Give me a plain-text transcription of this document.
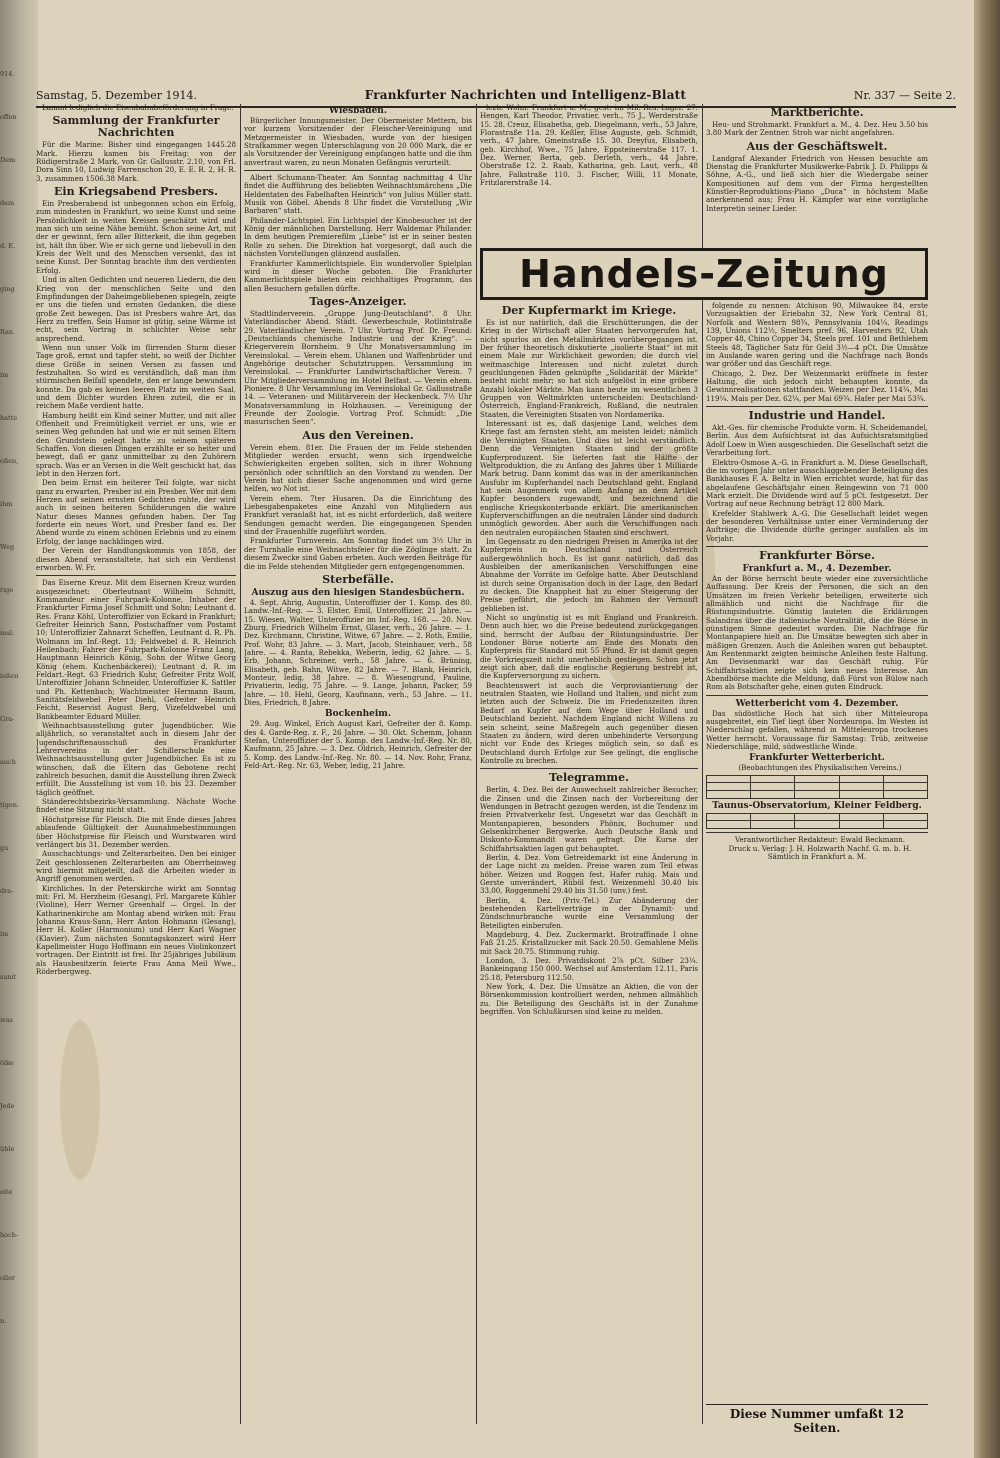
914.
offen
Dem
dem
d. E.
ging
Ran
im
hatte
eßen,
ihm
Weg
rige
mal.
ießen
Gra-
auch
tigen.
gu
dra-
im
sanit
was
ölke
Jede
ühle
eite
hoch-
oller
n.
Samstag, 5. Dezember 1914.	Frankfurter Nachrichten und Intelligenz-Blatt	Nr. 337 — Seite 2.

Lammt lediglich die Eisenbahnbeförderung in Frage.

Sammlung der Frankfurter Nachrichten

Für die Marine: Bisher sind eingegangen 1445.28 Mark. Hierzu kamen bis Freitag: von der Rüdigerstraße 2 Mark, von Gr. Gallusstr. 2.10, von Frl. Dora Sinn 10, Ludwig Farrenschon 20, E. E. R. 2, H. R. 3, zusammen 1506.38 Mark.

Ein Kriegsabend Presbers.

Ein Presberabend ist unbegonnen schon ein Erfolg, zum mindesten in Frankfurt, wo seine Kunst und seine Persönlichkeit in weiten Kreisen geschätzt wird und man sich um seine Nähe bemüht. Schon seine Art, mit der er gewinnt, fern aller Bitterkeit, die ihm gegeben ist, hält ihn über. Wie er sich gerne und liebevoll in den Kreis der Welt und des Menschen versenkt, das ist seine Kunst. Der Sonntag brachte ihm den verdienten Erfolg.

Und in alten Gedichten und neueren Liedern, die den Krieg von der menschlichen Seite und den Empfindungen der Daheimgebliebenen spiegeln, zeigte er uns die tiefen und ernsten Gedanken, die diese große Zeit bewegen. Das ist Presbers wahre Art, das Herz zu treffen. Sein Humor ist gütig, seine Wärme ist echt, sein Vortrag in schlichter Weise sehr ansprechend.

Wenn nun unser Volk im flirrenden Sturm dieser Tage groß, ernst und tapfer steht, so weiß der Dichter diese Größe in seinen Versen zu fassen und festzuhalten. So wird es verständlich, daß man ihm stürmischen Beifall spendete, den er lange bewundern konnte. Da gab es keinen leeren Platz im weiten Saal, und dem Dichter wurden Ehren zuteil, die er in reichem Maße verdient hatte.

Hamburg heißt ein Kind seiner Mutter, und mit aller Offenheit und Freimütigkeit verriet er uns, wie er seinen Weg gefunden hat und wie er mit seinen Eltern den Grundstein gelegt hatte zu seinem späteren Schaffen. Von diesen Dingen erzählte er so heiter und bewegt, daß er ganz unmittelbar zu den Zuhörern sprach. Was er an Versen in die Welt geschickt hat, das lebt in den Herzen fort.

Den beim Ernst ein heiterer Teil folgte, war nicht ganz zu erwarten, Presber ist ein Presber. Wer mit dem Herzen auf seinen ernsten Gedichten ruhte, der wird auch in seinen heiteren Schilderungen die wahre Natur dieses Mannes gefunden haben. Der Tag forderte ein neues Wort, und Presber fand es. Der Abend wurde zu einem schönen Erlebnis und zu einem Erfolg, der lange nachklingen wird.

Der Verein der Handlungskommis von 1858, der diesen Abend veranstaltete, hat sich ein Verdienst erworben. W. Fr.

Das Eiserne Kreuz. Mit dem Eisernen Kreuz wurden ausgezeichnet: Oberleutnant Wilhelm Schmitt, Kommandeur einer Fuhrpark-Kolonne, Inhaber der Frankfurter Firma Josef Schmitt und Sohn; Leutnant d. Res. Franz Köhl, Unteroffizier von Eckard in Frankfurt; Gefreiter Heinrich Sann, Postschaffner vom Postamt 10; Unteroffizier Zahnarzt Scheffen, Leutnant d. R. Ph. Wolmann im Inf.-Regt. 13; Feldwebel d. R. Heinrich Heilenbach; Fahrer der Fuhrpark-Kolonne Franz Lang, Hauptmann Heinrich König, Sohn der Witwe Georg König (ehem. Kuchenbäckerei); Leutnant d. R. im Feldart.-Regt. 63 Friedrich Kuhr, Gefreiter Fritz Wolf, Unteroffizier Johann Schneider, Unteroffizier K. Sattler und Ph. Kettenbach; Wachtmeister Hermann Baum, Sanitätsfeldwebel Peter Diehl, Gefreiter Heinrich Feicht, Reservist August Berg, Vizefeldwebel und Bankbeamter Eduard Müller.

Weihnachtsausstellung guter Jugendbücher. Wie alljährlich, so veranstaltet auch in diesem Jahr der Jugendschriftenausschuß des Frankfurter Lehrervereins in der Schillerschule eine Weihnachtsausstellung guter Jugendbücher. Es ist zu wünschen, daß die Eltern das Gebotene recht zahlreich besuchen, damit die Ausstellung ihren Zweck erfüllt. Die Ausstellung ist vom 10. bis 23. Dezember täglich geöffnet.

Ständerechtsbezirks-Versammlung. Nächste Woche findet eine Sitzung nicht statt.

Höchstpreise für Fleisch. Die mit Ende dieses Jahres ablaufende Gültigkeit der Ausnahmebestimmungen über Höchstpreise für Fleisch und Wurstwaren wird verlängert bis 31. Dezember werden.

Ausschachtungs- und Zelterarbeiten. Den bei einiger Zeit geschlossenen Zelterarbeiten am Oberrheinweg wird hiermit mitgeteilt, daß die Arbeiten wieder in Angriff genommen werden.

Kirchliches. In der Peterskirche wirkt am Sonntag mit: Frl. M. Herzheim (Gesang), Frl. Margarete Kühler (Violine), Herr Werner Greenhalf — Orgel. In der Katharinenkirche am Montag abend wirken mit: Frau Johanna Kraus-Sann, Herr Anton Hohmann (Gesang), Herr H. Koller (Harmonium) und Herr Karl Wagner (Klavier). Zum nächsten Sonntagskonzert wird Herr Kapellmeister Hugo Hoffmann ein neues Violinkonzert vortragen. Der Eintritt ist frei. Ihr 25jähriges Jubiläum als Hausbesitzerin feierte Frau Anna Meil Wwe., Röderbergweg.

Wiesbaden.

Bürgerlicher Innungsmeister. Der Obermeister Mettern, bis vor kurzem Vorsitzender der Fleischer-Vereinigung und Metzgermeister in Wiesbaden, wurde von der hiesigen Strafkammer wegen Unterschlagung von 20 000 Mark, die er als Vorsitzender der Vereinigung empfangen hatte und die ihm anvertraut waren, zu neun Monaten Gefängnis verurteilt.

Albert Schumann-Theater. Am Sonntag nachmittag 4 Uhr findet die Aufführung des beliebten Weihnachtsmärchens „Die Heldentaten des Fabelhaften Heinrich“ von Julius Müller statt. Musik von Göbel. Abends 8 Uhr findet die Vorstellung „Wir Barbaren“ statt.

Philander-Lichtspiel. Ein Lichtspiel der Kinobesucher ist der König der männlichen Darstellung. Herr Waldemar Philander. In dem heutigen Premierefilm „Liebe“ ist er in seiner besten Rolle zu sehen. Die Direktion hat vorgesorgt, daß auch die nächsten Vorstellungen glänzend ausfallen.

Frankfurter Kammerlichtspiele. Ein wundervoller Spielplan wird in dieser Woche geboten. Die Frankfurter Kammerlichtspiele bieten ein reichhaltiges Programm, das allen Besuchern gefallen dürfte.

Tages-Anzeiger.

Stadtlinderverein. „Gruppe Jung-Deutschland“. 8 Uhr. Vaterländischer Abend. Städt. Gewerbeschule, Rotlintstraße 29. Vaterländischer Verein. 7 Uhr. Vortrag Prof. Dr. Freund: „Deutschlands chemische Industrie und der Krieg“. — Kriegerverein Bornheim. 9 Uhr Monatsversammlung im Vereinslokal. — Verein ehem. Uhlanen und Waffenbrüder und Angehörige deutscher Schutztruppen. Versammlung im Vereinslokal. — Frankfurter Landwirtschaftlicher Verein. 7 Uhr Mitgliederversammlung im Hotel Belfast. — Verein ehem. Pioniere. 8 Uhr Versammlung im Vereinslokal Gr. Gallusstraße 14. — Veteranen- und Militärverein der Heckenbeck. 7½ Uhr Monatsversammlung in Holzhausen. — Vereinigung der Freunde der Zoologie. Vortrag Prof. Schmidt: „Die masurischen Seen“.

Aus den Vereinen.

Verein ehem. 81er. Die Frauen der im Felde stehenden Mitglieder werden ersucht, wenn sich irgendwelche Schwierigkeiten ergeben sollten, sich in ihrer Wohnung persönlich oder schriftlich an den Vorstand zu wenden. Der Verein hat sich dieser Sache angenommen und wird gerne helfen, wo Not ist.

Verein ehem. 7ter Husaren. Da die Einrichtung des Liebesgabenpaketes eine Anzahl von Mitgliedern aus Frankfurt veranlaßt hat, ist es nicht erforderlich, daß weitere Sendungen gemacht werden. Die eingegangenen Spenden sind der Frauenhilfe zugeführt worden.

Frankfurter Turnverein. Am Sonntag findet um 3½ Uhr in der Turnhalle eine Weihnachtsfeier für die Zöglinge statt. Zu diesem Zwecke sind Gaben erbeten. Auch werden Beiträge für die im Felde stehenden Mitglieder gern entgegengenommen.

Sterbefälle.
Auszug aus den hiesigen Standesbüchern.

4. Sept. Ahrig, Augustin, Unteroffizier der 1. Komp. des 80. Landw.-Inf.-Reg. — 3. Elster, Emil, Unteroffizier, 21 Jahre. — 15. Wiesen, Walter, Unteroffizier im Inf.-Reg. 168. — 20. Nov. Zburg, Friedrich Wilhelm Ernst, Glaser, verh., 26 Jahre. — 1. Dez. Kirchmann, Christine, Witwe, 67 Jahre. — 2. Roth, Emilie, Prof. Wohr, 83 Jahre. — 3. Mart, Jacob, Steinhauer, verh., 58 Jahre. — 4. Ranta, Rebekka, Weberin, ledig, 62 Jahre. — 5. Erb, Johann, Schreiner, verh., 58 Jahre. — 6. Brüning, Elisabeth, geb. Bahn, Witwe, 82 Jahre. — 7. Blank, Heinrich, Monteur, ledig, 38 Jahre. — 8. Wiesengrund, Pauline, Privatierin, ledig, 75 Jahre. — 9. Lange, Johann, Packer, 59 Jahre. — 10. Hehl, Georg, Kaufmann, verh., 53 Jahre. — 11. Dies, Friedrich, 8 Jahre.

Bockenheim.

29. Aug. Winkel, Erich August Karl, Gefreiter der 8. Komp. des 4. Garde-Reg. z. F., 26 Jahre. — 30. Okt. Schemm, Johann Stefan, Unteroffizier der 5. Komp. des Landw.-Inf.-Reg. Nr. 80, Kaufmann, 25 Jahre. — 3. Dez. Oldrich, Heinrich, Gefreiter der 5. Komp. des Landw.-Inf.-Reg. Nr. 80. — 14. Nov. Rohr, Franz, Feld-Art.-Reg. Nr. 63, Weber, ledig, 21 Jahre.

lezte Wohn. Frankfurt a. M., gest. im Mil.-Res.-Lager. 27. Hengen, Karl Theodor, Privatier, verh., 75 J., Werderstraße 15. 28. Creuz, Elisabetha, geb. Diegelmann, verh., 53 Jahre, Florastraße 11a. 29. Keßler, Elise Auguste, geb. Schmidt, verh., 47 Jahre, Gmeinstraße 15. 30. Dreyfus, Elisabeth, geb. Kirchhof, Wwe., 75 Jahre, Eppsteinerstraße 117. 1. Dez. Werner, Berta, geb. Derleth, verh., 44 Jahre, Oberstraße 12. 2. Raab, Katharina, geb. Laut, verh., 48 Jahre, Falkstraße 110. 3. Fischer, Willi, 11 Monate, Fritzlarerstraße 14.

Marktberichte.

Heu- und Strohmarkt. Frankfurt a. M., 4. Dez. Heu 3.50 bis 3.80 Mark der Zentner. Stroh war nicht angefahren.

Aus der Geschäftswelt.

Landgraf Alexander Friedrich von Hessen besuchte am Dienstag die Frankfurter Musikwerke-Fabrik J. D. Philipps & Söhne, A.-G., und ließ sich hier die Wiedergabe seiner Kompositionen auf dem von der Firma hergestellten Künstler-Reproduktions-Piano „Duca“ in höchstem Maße anerkennend aus; Frau H. Kämpfer war eine vorzügliche Interpretin seiner Lieder.

Handels-Zeitung
Der Kupfermarkt im Kriege.

Es ist nur natürlich, daß die Erschütterungen, die der Krieg in der Wirtschaft aller Staaten hervorgerufen hat, nicht spurlos an den Metallmärkten vorübergegangen ist. Der früher theoretisch diskutierte „isolierte Staat“ ist mit einem Male zur Wirklichkeit geworden; die durch viel weitmaschige Interessen und nicht zuletzt durch geschlungenen Fäden geknüpfte „Solidarität der Märkte“ besteht nicht mehr; so hat sich aufgelöst in eine gröbere Anzahl lokaler Märkte. Man kann heute im wesentlichen 3 Gruppen von Weltmärkten unterscheiden: Deutschland-Österreich, England-Frankreich, Rußland, die neutralen Staaten, die Vereinigten Staaten von Nordamerika.

Interessant ist es, daß dasjenige Land, welches dem Kriege fast am fernsten steht, am meisten leidet: nämlich die Vereinigten Staaten. Und dies ist leicht verständlich. Denn die Vereinigten Staaten sind der größte Kupferproduzent. Sie lieferten fast die Hälfte der Weltproduktion, die zu Anfang des Jahres über 1 Milliarde Mark betrug. Dann kommt das was in der amerikanischen Ausfuhr im Kupferhandel nach Deutschland geht. England hat sein Augenmerk von allem Anfang an dem Artikel Kupfer besonders zugewandt, und bezeichnend die englische Kriegskonterbande erklärt. Die amerikanischen Kupferverschiffungen an die neutralen Länder sind dadurch unmöglich geworden. Aber auch die Verschiffungen nach den neutralen europäischen Staaten sind erschwert.

Im Gegensatz zu den niedrigen Preisen in Amerika ist der Kupferpreis in Deutschland und Österreich außergewöhnlich hoch. Es ist ganz natürlich, daß das Ausbleiben der amerikanischen Verschiffungen eine Abnahme der Vorräte im Gefolge hatte. Aber Deutschland ist durch seine Organisation doch in der Lage, den Bedarf zu decken. Die Knappheit hat zu einer Steigerung der Preise geführt, die jedoch im Rahmen der Vernunft geblieben ist.

Nicht so ungünstig ist es mit England und Frankreich. Denn auch hier, wo die Preise bedeutend zurückgegangen sind, herrscht der Aufbau der Rüstungsindustrie. Der Londoner Börse notierte am Ende des Monats den Kupferpreis für Standard mit 55 Pfund. Er ist damit gegen die Vorkriegszeit nicht unerheblich gestiegen. Schon jetzt zeigt sich aber, daß die englische Regierung bestrebt ist, die Kupferversorgung zu sichern.

Beachtenswert ist auch die Verproviantierung der neutralen Staaten, wie Holland und Italien, und nicht zum letzten auch der Schweiz. Die im Friedenszeiten ihren Bedarf an Kupfer auf dem Wege über Holland und Deutschland bezieht. Nachdem England nicht Willens zu sein scheint, seine Maßregeln auch gegenüber diesen Staaten zu ändern, wird deren unbehinderte Versorgung nicht vor Ende des Krieges möglich sein, so daß es Deutschland durch Erfolge zur See gelingt, die englische Kontrolle zu brechen.

Telegramme.

Berlin, 4. Dez. Bei der Auswechselt zahlreicher Besucher, die Zinsen und die Zinsen nach der Vorbereitung der Wendungen in Betracht gezogen werden, ist die Tendenz im freien Privatverkehr fest. Ungesetzt war das Geschäft in Montanpapieren, besonders Phönix, Bochumer und Gelsenkirchener Bergwerke. Auch Deutsche Bank und Diskonto-Kommandit waren gefragt. Die Kurse der Schiffahrtsaktien lagen gut behauptet.

Berlin, 4. Dez. Vom Getreidemarkt ist eine Änderung in der Lage nicht zu melden. Preise waren zum Teil etwas höher. Weizen und Roggen fest. Hafer ruhig. Mais und Gerste unverändert. Rüböl fest. Weizenmehl 30.40 bis 33.00, Roggenmehl 29.40 bis 31.50 (unv.) fest.

Berlin, 4. Dez. (Priv.-Tel.) Zur Abänderung der bestehenden Kartellverträge in der Dynamit- und Zündschnurbranche wurde eine Versammlung der Beteiligten einberufen.

Magdeburg, 4. Dez. Zuckermarkt. Brotraffinade I ohne Faß 21.25. Kristallzucker mit Sack 20.50. Gemahlene Melis mit Sack 20.75. Stimmung ruhig.

London, 3. Dez. Privatdiskont 2⅞ pCt. Silber 23¼. Bankeingang 150 000. Wechsel auf Amsterdam 12.11, Paris 25.18, Petersburg 112.50.

New York, 4. Dez. Die Umsätze an Aktien, die von der Börsenkommission kontrolliert werden, nehmen allmählich zu. Die Beteiligung des Geschäfts ist in der Zunahme begriffen. Von Schlußkursen sind keine zu melden.

folgende zu nennen: Atchison 90, Milwaukee 84, erste Vorzugsaktien der Eriebahn 32, New York Central 81, Norfolk and Western 98¾, Pennsylvania 104¼, Readings 139, Unions 112½, Smelters pref. 96, Harvesters 92, Utah Copper 48, Chino Copper 34, Steels pref. 101 und Bethlehem Steels 48, Täglicher Satz für Geld 3½—4 pCt. Die Umsätze im Auslande waren gering und die Nachfrage nach Bonds war größer und das Geschäft rege.

Chicago, 2. Dez. Der Weizenmarkt eröffnete in fester Haltung, die sich jedoch nicht behaupten konnte, da Gewinnrealisationen stattfanden. Weizen per Dez. 114¼, Mai 119¼. Mais per Dez. 62¼, per Mai 69¾. Hafer per Mai 53¾.

Industrie und Handel.

Akt.-Ges. für chemische Produkte vorm. H. Scheidemandel, Berlin. Aus dem Aufsichtsrat ist das Aufsichtsratsmitglied Adolf Loew in Wien ausgeschieden. Die Gesellschaft setzt die Verarbeitung fort.

Elektro-Osmose A.-G. in Frankfurt a. M. Diese Gesellschaft, die im vorigen Jahr unter ausschlaggebender Beteiligung des Bankhauses F. A. Beltz in Wien errichtet wurde, hat für das abgelaufene Geschäftsjahr einen Reingewinn von 71 000 Mark erzielt. Die Dividende wird auf 5 pCt. festgesetzt. Der Vortrag auf neue Rechnung beträgt 12 800 Mark.

Krefelder Stahlwerk A.-G. Die Gesellschaft leidet wegen der besonderen Verhältnisse unter einer Verminderung der Aufträge; die Dividende dürfte geringer ausfallen als im Vorjahr.

Frankfurter Börse.
Frankfurt a. M., 4. Dezember.

An der Börse herrscht heute wieder eine zuversichtliche Auffassung. Der Kreis der Personen, die sich an den Umsätzen im freien Verkehr beteiligen, erweiterte sich allmählich und nicht die Nachfrage für die Rüstungsindustrie. Günstig lauteten die Erklärungen Salandras über die italienische Neutralität, die die Börse in günstigem Sinne gedeutet wurden. Die Nachfrage für Montanpapiere hielt an. Die Umsätze bewegten sich aber in mäßigen Grenzen. Auch die Anleihen waren gut behauptet. Am Rentenmarkt zeigten heimische Anleihen feste Haltung. Am Devisenmarkt war das Geschäft ruhig. Für Schiffahrtsaktien zeigte sich kein neues Interesse. Am Abendbörse machte die Meldung, daß Fürst von Bülow nach Rom als Botschafter gehe, einen guten Eindruck.

Wetterbericht vom 4. Dezember.

Das südöstliche Hoch hat sich über Mitteleuropa ausgebreitet, ein Tief liegt über Nordeuropa. Im Westen ist Niederschlag gefallen, während in Mitteleuropa trockenes Wetter herrscht. Voraussage für Samstag: Trüb, zeitweise Niederschläge, mild, südwestliche Winde.

Frankfurter Wetterbericht.

(Beobachtungen des Physikalischen Vereins.)

Taunus-Observatorium, Kleiner Feldberg.

Verantwortlicher Redakteur: Ewald Beckmann.

Druck u. Verlag: J. H. Holzwarth Nachf. G. m. b. H. Sämtlich in Frankfurt a. M.

Diese Nummer umfaßt 12 Seiten.
